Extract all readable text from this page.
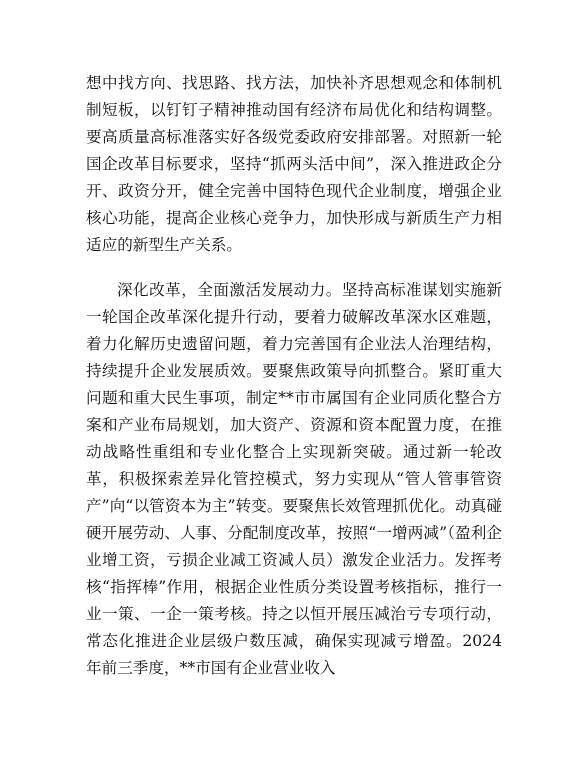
想中找方向、找思路、找方法，加快补齐思想观念和体制机制短板，以钉钉子精神推动国有经济布局优化和结构调整。要高质量高标准落实好各级党委政府安排部署。对照新一轮国企改革目标要求，坚持“抓两头活中间”，深入推进政企分开、政资分开，健全完善中国特色现代企业制度，增强企业核心功能，提高企业核心竞争力，加快形成与新质生产力相适应的新型生产关系。

深化改革，全面激活发展动力。坚持高标准谋划实施新一轮国企改革深化提升行动，要着力破解改革深水区难题，着力化解历史遗留问题，着力完善国有企业法人治理结构，持续提升企业发展质效。要聚焦政策导向抓整合。紧盯重大问题和重大民生事项，制定**市市属国有企业同质化整合方案和产业布局规划，加大资产、资源和资本配置力度，在推动战略性重组和专业化整合上实现新突破。通过新一轮改革，积极探索差异化管控模式，努力实现从“管人管事管资产”向“以管资本为主”转变。要聚焦长效管理抓优化。动真碰硬开展劳动、人事、分配制度改革，按照“一增两减”（盈利企业增工资，亏损企业减工资减人员）激发企业活力。发挥考核“指挥棒”作用，根据企业性质分类设置考核指标，推行一业一策、一企一策考核。持之以恒开展压减治亏专项行动，常态化推进企业层级户数压减，确保实现减亏增盈。2024 年前三季度，**市国有企业营业收入
